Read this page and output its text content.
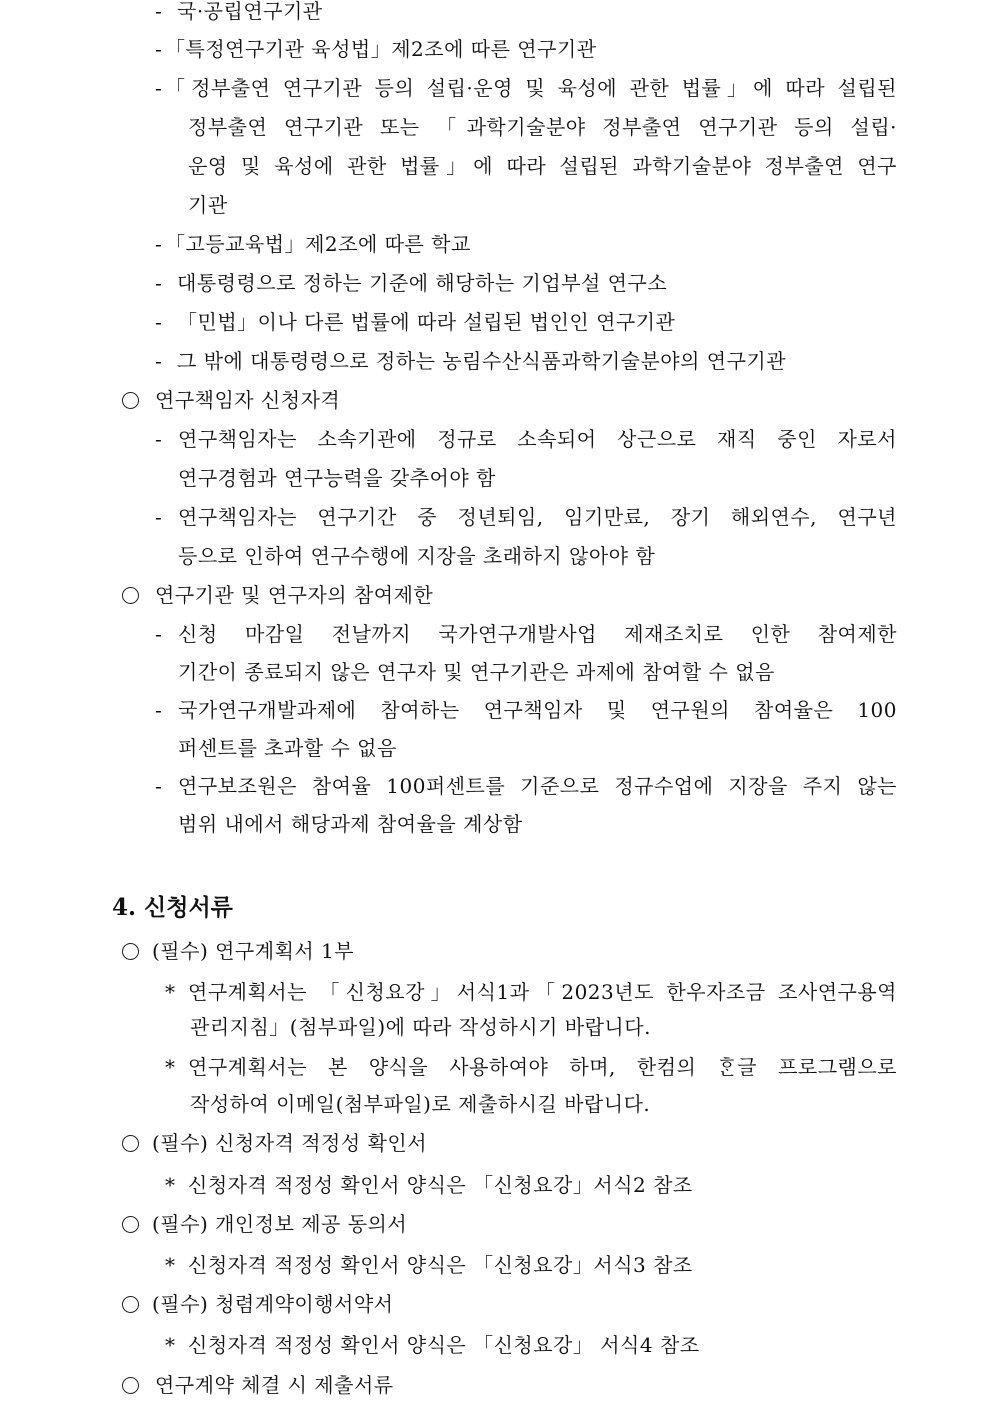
- 국·공립연구기관
- 「특정연구기관 육성법」제2조에 따른 연구기관
- 「정부출연 연구기관 등의 설립·운영 및 육성에 관한 법률」에 따라 설립된
정부출연 연구기관 또는 「과학기술분야 정부출연 연구기관 등의 설립·
운영 및 육성에 관한 법률」에 따라 설립된 과학기술분야 정부출연 연구
기관
- 「고등교육법」제2조에 따른 학교
- 대통령령으로 정하는 기준에 해당하는 기업부설 연구소
- 「민법」이나 다른 법률에 따라 설립된 법인인 연구기관
- 그 밖에 대통령령으로 정하는 농림수산식품과학기술분야의 연구기관
연구책임자 신청자격
- 연구책임자는 소속기관에 정규로 소속되어 상근으로 재직 중인 자로서
연구경험과 연구능력을 갖추어야 함
- 연구책임자는 연구기간 중 정년퇴임, 임기만료, 장기 해외연수, 연구년
등으로 인하여 연구수행에 지장을 초래하지 않아야 함
연구기관 및 연구자의 참여제한
- 신청 마감일 전날까지 국가연구개발사업 제재조치로 인한 참여제한
기간이 종료되지 않은 연구자 및 연구기관은 과제에 참여할 수 없음
- 국가연구개발과제에 참여하는 연구책임자 및 연구원의 참여율은 100
퍼센트를 초과할 수 없음
- 연구보조원은 참여율 100퍼센트를 기준으로 정규수업에 지장을 주지 않는
범위 내에서 해당과제 참여율을 계상함
4. 신청서류
(필수) 연구계획서 1부
* 연구계획서는 「신청요강」서식1과「2023년도 한우자조금 조사연구용역
관리지침」(첨부파일)에 따라 작성하시기 바랍니다.
* 연구계획서는 본 양식을 사용하여야 하며, 한컴의 ᄒᆞᆫ글 프로그램으로
작성하여 이메일(첨부파일)로 제출하시길 바랍니다.
(필수) 신청자격 적정성 확인서
* 신청자격 적정성 확인서 양식은 「신청요강」서식2 참조
(필수) 개인정보 제공 동의서
* 신청자격 적정성 확인서 양식은 「신청요강」서식3 참조
(필수) 청렴계약이행서약서
* 신청자격 적정성 확인서 양식은 「신청요강」 서식4 참조
연구계약 체결 시 제출서류
